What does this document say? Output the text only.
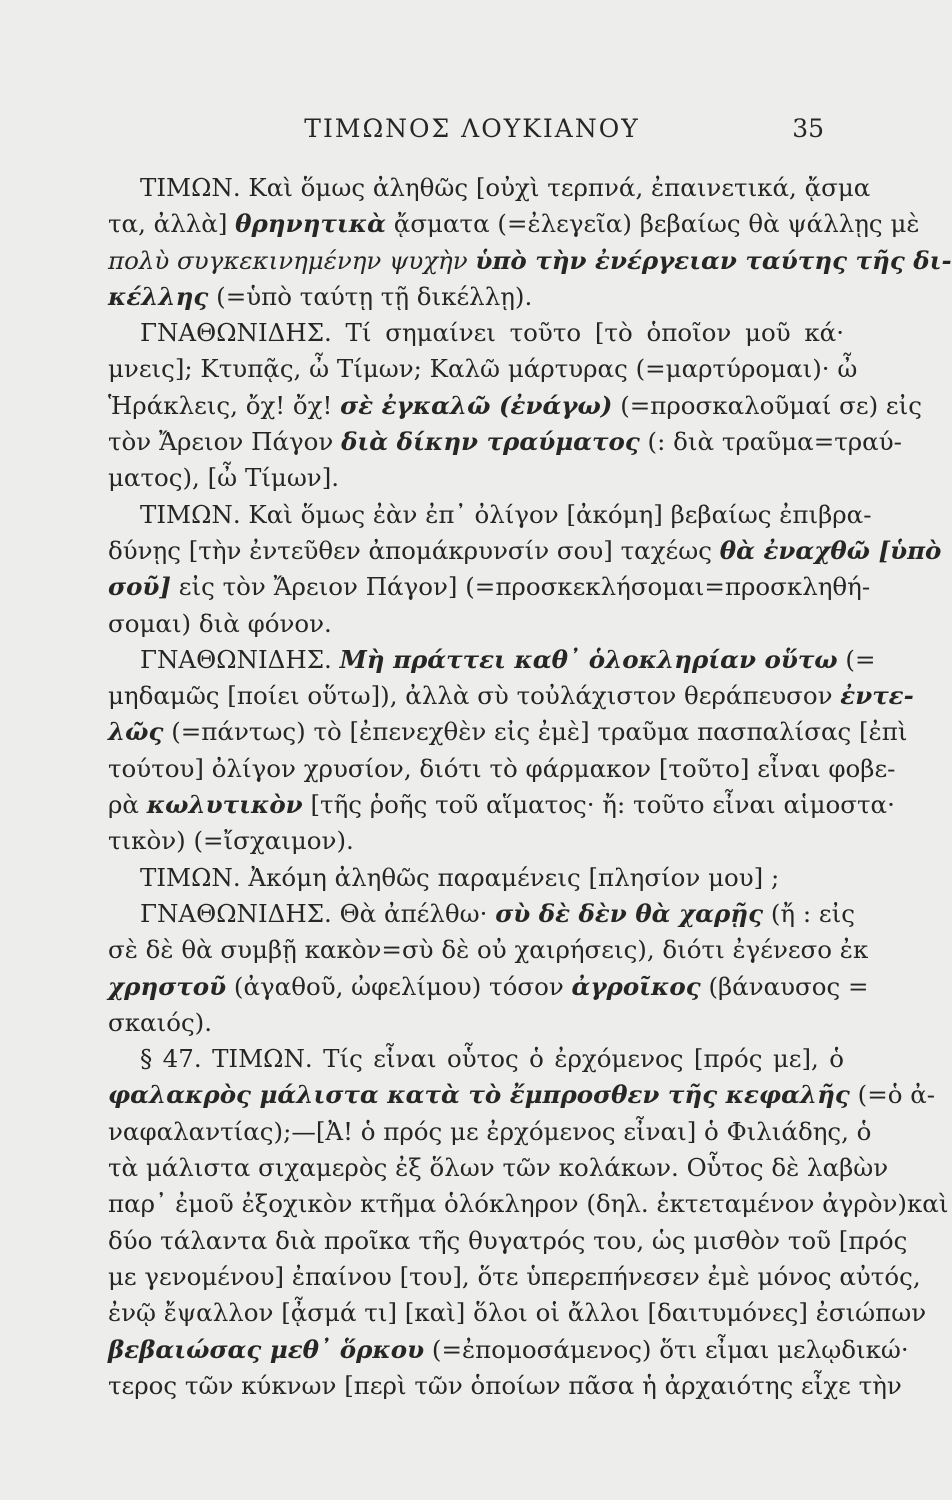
ΤΙΜΩΝΟΣ ΛΟΥΚΙΑΝΟΥ	35
ΤΙΜΩΝ. Καὶ ὅμως ἀληθῶς [οὐχὶ τερπνά, ἐπαινετικά, ᾄσμα
τα, ἀλλὰ] θρηνητικὰ ᾄσματα (=ἐλεγεῖα) βεβαίως θὰ ψάλλῃς μὲ
πολὺ συγκεκινημένην ψυχὴν ὑπὸ τὴν ἐνέργειαν ταύτης τῆς δι-
κέλλης (=ὑπὸ ταύτῃ τῇ δικέλλῃ).
ΓΝΑΘΩΝΙΔΗΣ. Τί σημαίνει τοῦτο [τὸ ὁποῖον μοῦ κά·
μνεις]; Κτυπᾷς, ὦ Τίμων; Καλῶ μάρτυρας (=μαρτύρομαι)· ὦ
Ἡράκλεις, ὄχ! ὄχ! σὲ ἐγκαλῶ (ἐνάγω) (=προσκαλοῦμαί σε) εἰς
τὸν Ἄρειον Πάγον διὰ δίκην τραύματος (: διὰ τραῦμα=τραύ-
ματος), [ὦ Τίμων].
ΤΙΜΩΝ. Καὶ ὅμως ἐὰν ἐπ᾽ ὀλίγον [ἀκόμη] βεβαίως ἐπιβρα-
δύνῃς [τὴν ἐντεῦθεν ἀπομάκρυνσίν σου] ταχέως θὰ ἐναχθῶ [ὑπὸ
σοῦ] εἰς τὸν Ἄρειον Πάγον] (=προσκεκλήσομαι=προσκληθή-
σομαι) διὰ φόνον.
ΓΝΑΘΩΝΙΔΗΣ. Μὴ πράττει καθ᾽ ὁλοκληρίαν οὕτω (=
μηδαμῶς [ποίει οὕτω]), ἀλλὰ σὺ τοὐλάχιστον θεράπευσον ἐντε-
λῶς (=πάντως) τὸ [ἐπενεχθὲν εἰς ἐμὲ] τραῦμα πασπαλίσας [ἐπὶ
τούτου] ὀλίγον χρυσίον, διότι τὸ φάρμακον [τοῦτο] εἶναι φοβε-
ρὰ κωλυτικὸν [τῆς ῥοῆς τοῦ αἵματος· ἤ: τοῦτο εἶναι αἱμοστα·
τικὸν) (=ἴσχαιμον).
ΤΙΜΩΝ. Ἀκόμη ἀληθῶς παραμένεις [πλησίον μου] ;
ΓΝΑΘΩΝΙΔΗΣ. Θὰ ἀπέλθω· σὺ δὲ δὲν θὰ χαρῇς (ἤ : εἰς
σὲ δὲ θὰ συμβῇ κακὸν=σὺ δὲ οὐ χαιρήσεις), διότι ἐγένεσο ἐκ
χρηστοῦ (ἀγαθοῦ, ὠφελίμου) τόσον ἀγροῖκος (βάναυσος =
σκαιός).
§ 47. ΤΙΜΩΝ. Τίς εἶναι οὗτος ὁ ἐρχόμενος [πρός με], ὁ
φαλακρὸς μάλιστα κατὰ τὸ ἔμπροσθεν τῆς κεφαλῆς (=ὁ ἀ-
ναφαλαντίας);—[Ἀ! ὁ πρός με ἐρχόμενος εἶναι] ὁ Φιλιάδης, ὁ
τὰ μάλιστα σιχαμερὸς ἐξ ὅλων τῶν κολάκων. Οὗτος δὲ λαβὼν
παρ᾽ ἐμοῦ ἐξοχικὸν κτῆμα ὁλόκληρον (δηλ. ἐκτεταμένον ἀγρὸν)καὶ
δύο τάλαντα διὰ προῖκα τῆς θυγατρός του, ὡς μισθὸν τοῦ [πρός
με γενομένου] ἐπαίνου [του], ὅτε ὑπερεπήνεσεν ἐμὲ μόνος αὐτός,
ἐνῷ ἔψαλλον [ᾆσμά τι] [καὶ] ὅλοι οἱ ἄλλοι [δαιτυμόνες] ἐσιώπων
βεβαιώσας μεθ᾽ ὅρκου (=ἐπομοσάμενος) ὅτι εἶμαι μελῳδικώ·
τερος τῶν κύκνων [περὶ τῶν ὁποίων πᾶσα ἡ ἀρχαιότης εἶχε τὴν
